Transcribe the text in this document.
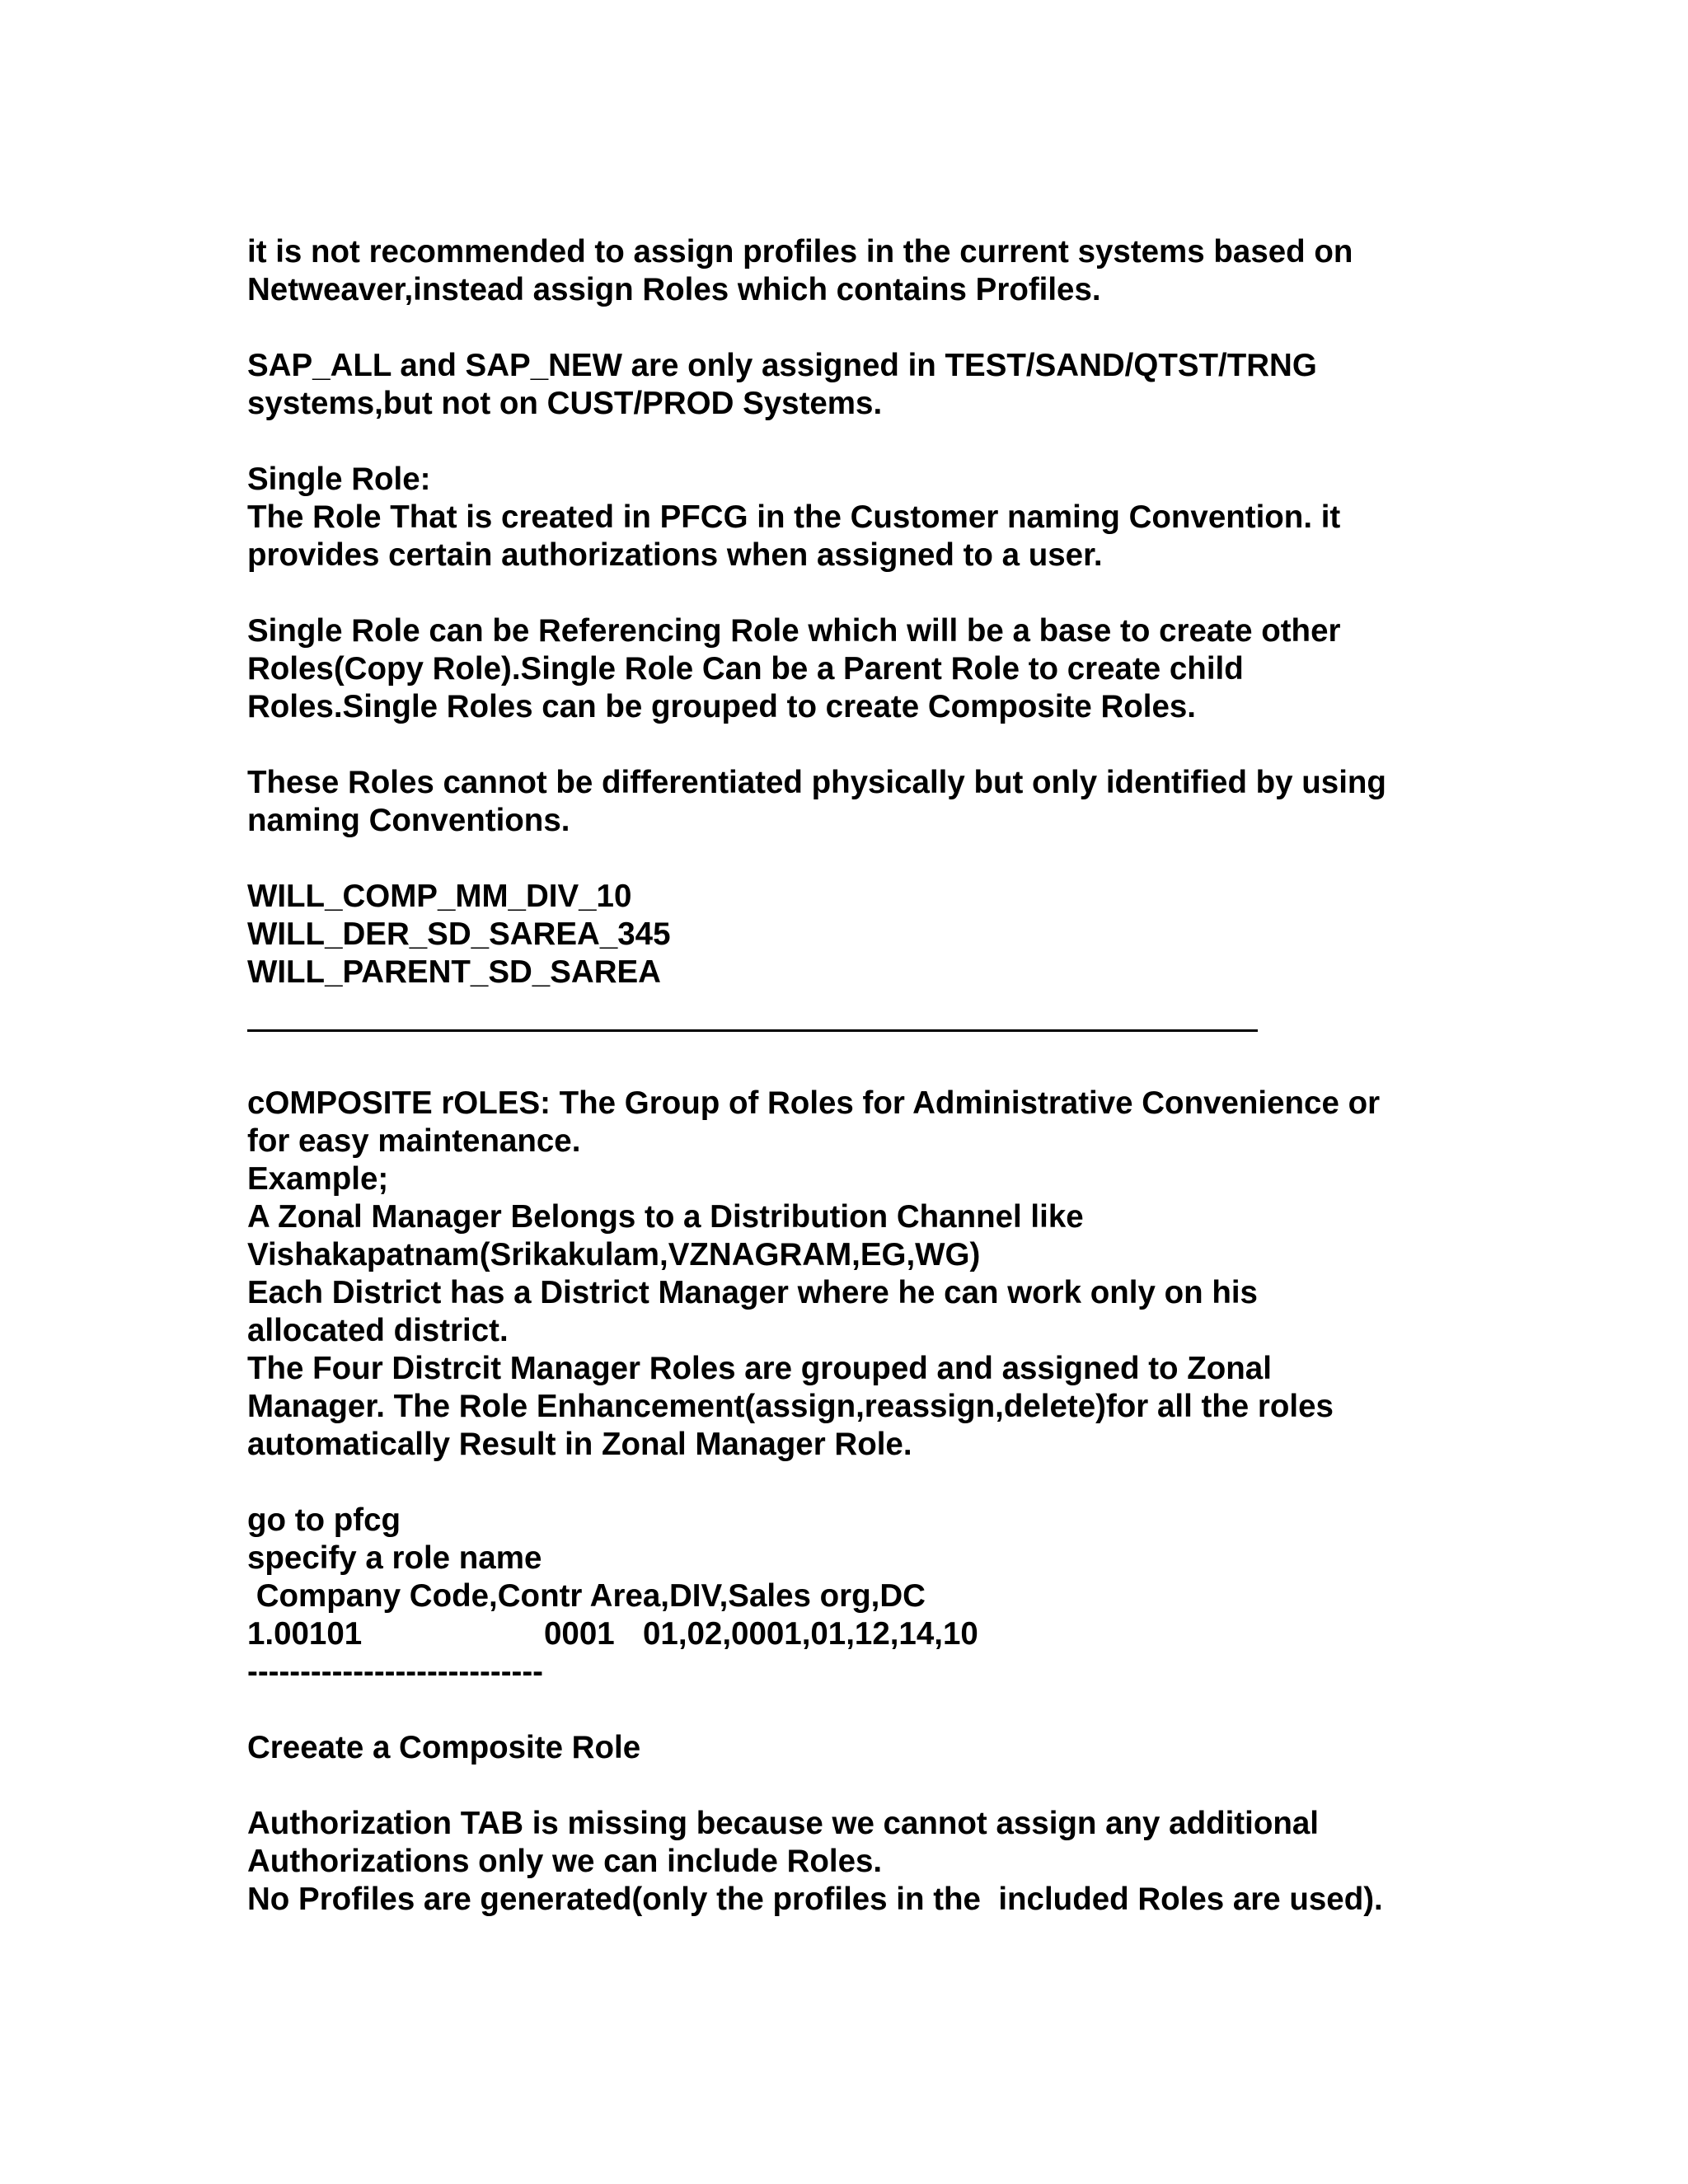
it is not recommended to assign profiles in the current systems based on
Netweaver,instead assign Roles which contains Profiles.
SAP_ALL and SAP_NEW are only assigned in TEST/SAND/QTST/TRNG
systems,but not on CUST/PROD Systems.
Single Role:
The Role That is created in PFCG in the Customer naming Convention. it
provides certain authorizations when assigned to a user.
Single Role can be Referencing Role which will be a base to create other
Roles(Copy Role).Single Role Can be a Parent Role to create child
Roles.Single Roles can be grouped to create Composite Roles.
These Roles cannot be differentiated physically but only identified by using
naming Conventions.
WILL_COMP_MM_DIV_10
WILL_DER_SD_SAREA_345
WILL_PARENT_SD_SAREA
cOMPOSITE rOLES: The Group of Roles for Administrative Convenience or
for easy maintenance.
Example;
A Zonal Manager Belongs to a Distribution Channel like
Vishakapatnam(Srikakulam,VZNAGRAM,EG,WG)
Each District has a District Manager where he can work only on his
allocated district.
The Four Distrcit Manager Roles are grouped and assigned to Zonal
Manager. The Role Enhancement(assign,reassign,delete)for all the roles
automatically Result in Zonal Manager Role.
go to pfcg
specify a role name
Company Code,Contr Area,DIV,Sales org,DC
1.00101	0001 01,02,0001,01,12,14,10
----------------------------
Creeate a Composite Role
Authorization TAB is missing because we cannot assign any additional
Authorizations only we can include Roles.
No Profiles are generated(only the profiles in the  included Roles are used).
